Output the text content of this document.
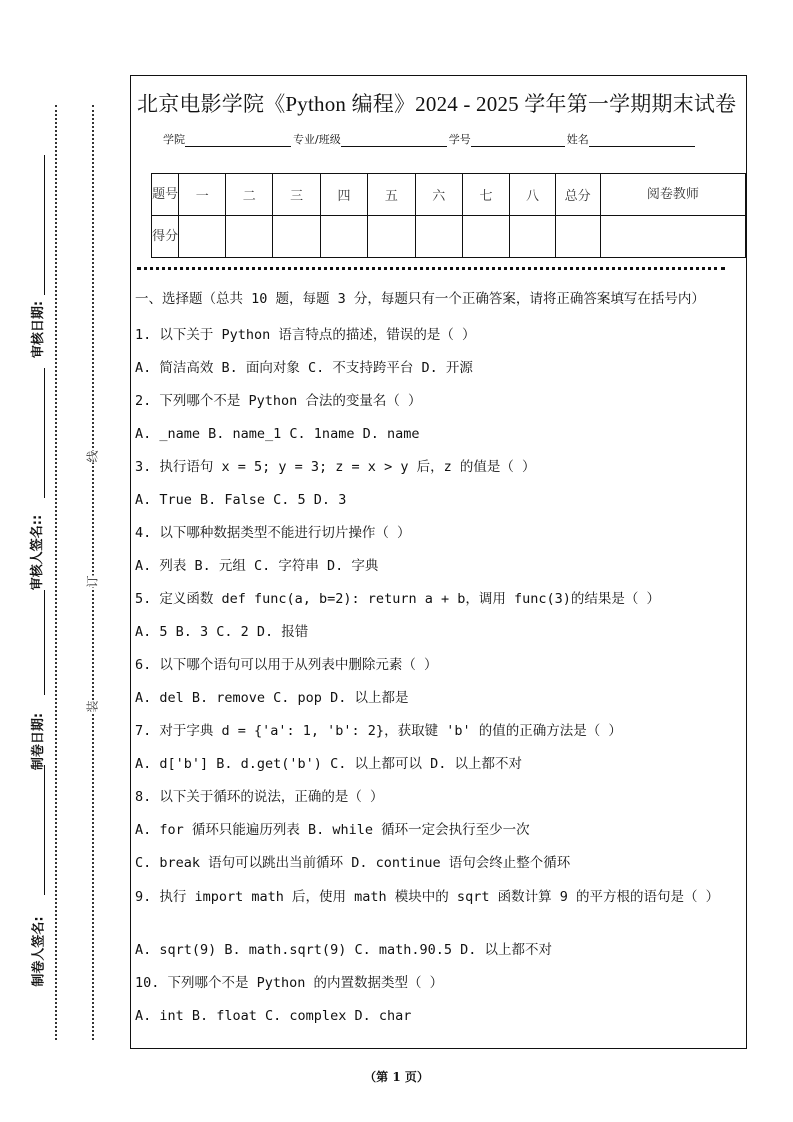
审核日期:
审核人签名::
制卷日期:
制卷人签名:
线
订
装
北京电影学院《Python 编程》2024 - 2025 学年第一学期期末试卷
学院	专业/班级	学号	姓名
题号	一	二	三	四	五	六	七	八	总分	阅卷教师
得分										
一、选择题（总共 10 题，每题 3 分，每题只有一个正确答案，请将正确答案填写在括号内）
1. 以下关于 Python 语言特点的描述，错误的是（ ）
A. 简洁高效 B. 面向对象 C. 不支持跨平台 D. 开源
2. 下列哪个不是 Python 合法的变量名（ ）
A. _name B. name_1 C. 1name D. name
3. 执行语句 x = 5; y = 3; z = x > y 后，z 的值是（ ）
A. True B. False C. 5 D. 3
4. 以下哪种数据类型不能进行切片操作（ ）
A. 列表 B. 元组 C. 字符串 D. 字典
5. 定义函数 def func(a, b=2): return a + b，调用 func(3)的结果是（ ）
A. 5 B. 3 C. 2 D. 报错
6. 以下哪个语句可以用于从列表中删除元素（ ）
A. del B. remove C. pop D. 以上都是
7. 对于字典 d = {'a': 1, 'b': 2}，获取键 'b' 的值的正确方法是（ ）
A. d['b'] B. d.get('b') C. 以上都可以 D. 以上都不对
8. 以下关于循环的说法，正确的是（ ）
A. for 循环只能遍历列表 B. while 循环一定会执行至少一次
C. break 语句可以跳出当前循环 D. continue 语句会终止整个循环
9. 执行 import math 后，使用 math 模块中的 sqrt 函数计算 9 的平方根的语句是（ ）
A. sqrt(9) B. math.sqrt(9) C. math.90.5 D. 以上都不对
10. 下列哪个不是 Python 的内置数据类型（ ）
A. int B. float C. complex D. char
（第 1 页）
